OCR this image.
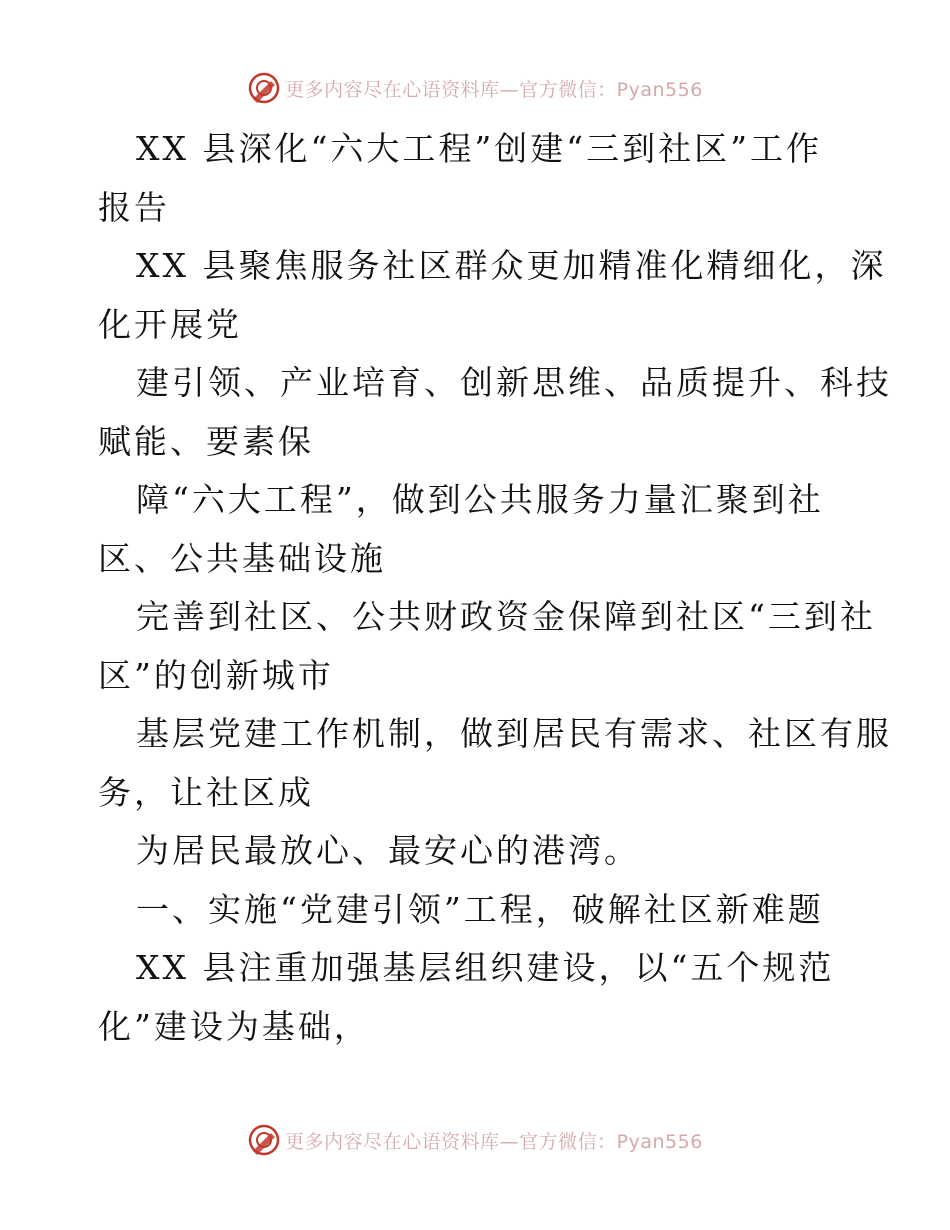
更多内容尽在心语资料库—官方微信：Pyan556
XX 县深化“六大工程”创建“三到社区”工作
报告
XX 县聚焦服务社区群众更加精准化精细化，深
化开展党
建引领、产业培育、创新思维、品质提升、科技
赋能、要素保
障“六大工程”，做到公共服务力量汇聚到社
区、公共基础设施
完善到社区、公共财政资金保障到社区“三到社
区”的创新城市
基层党建工作机制，做到居民有需求、社区有服
务，让社区成
为居民最放心、最安心的港湾。
一、实施“党建引领”工程，破解社区新难题
XX 县注重加强基层组织建设，以“五个规范
化”建设为基础，
更多内容尽在心语资料库—官方微信：Pyan556
